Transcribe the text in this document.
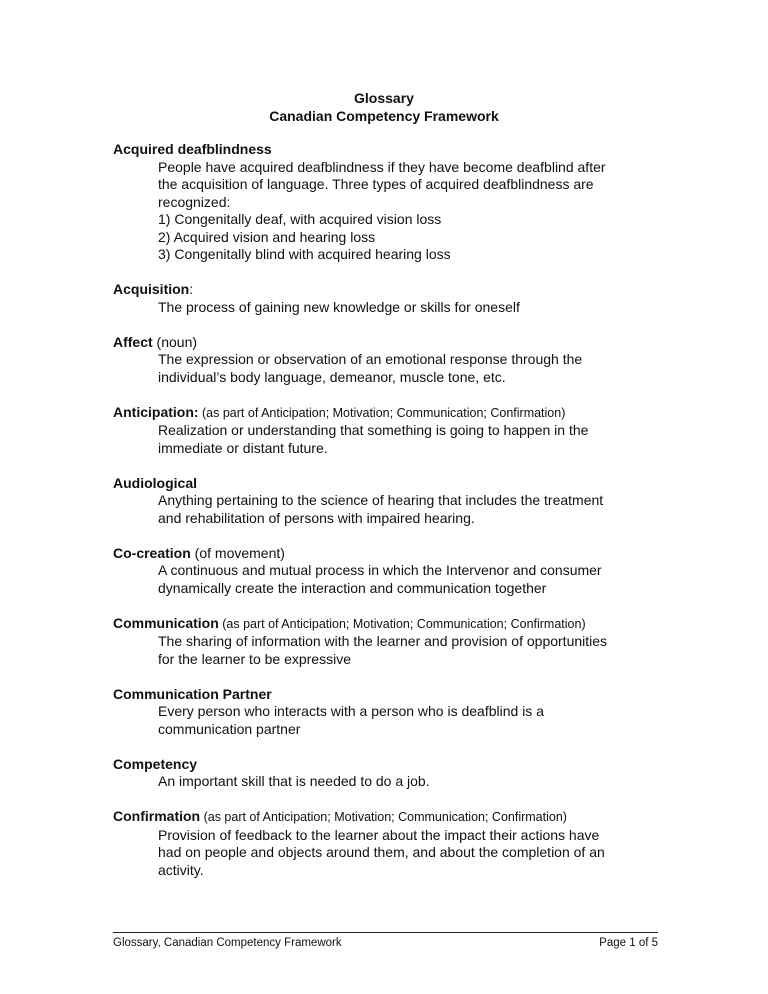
Glossary
Canadian Competency Framework
Acquired deafblindness
People have acquired deafblindness if they have become deafblind after
the acquisition of language. Three types of acquired deafblindness are
recognized:
1) Congenitally deaf, with acquired vision loss
2) Acquired vision and hearing loss
3) Congenitally blind with acquired hearing loss
Acquisition:
The process of gaining new knowledge or skills for oneself
Affect (noun)
The expression or observation of an emotional response through the
individual’s body language, demeanor, muscle tone, etc.
Anticipation: (as part of Anticipation; Motivation; Communication; Confirmation)
Realization or understanding that something is going to happen in the
immediate or distant future.
Audiological
Anything pertaining to the science of hearing that includes the treatment
and rehabilitation of persons with impaired hearing.
Co-creation (of movement)
A continuous and mutual process in which the Intervenor and consumer
dynamically create the interaction and communication together
Communication (as part of Anticipation; Motivation; Communication; Confirmation)
The sharing of information with the learner and provision of opportunities
for the learner to be expressive
Communication Partner
Every person who interacts with a person who is deafblind is a
communication partner
Competency
An important skill that is needed to do a job.
Confirmation (as part of Anticipation; Motivation; Communication; Confirmation)
Provision of feedback to the learner about the impact their actions have
had on people and objects around them, and about the completion of an
activity.
Glossary, Canadian Competency Framework	Page 1 of 5
